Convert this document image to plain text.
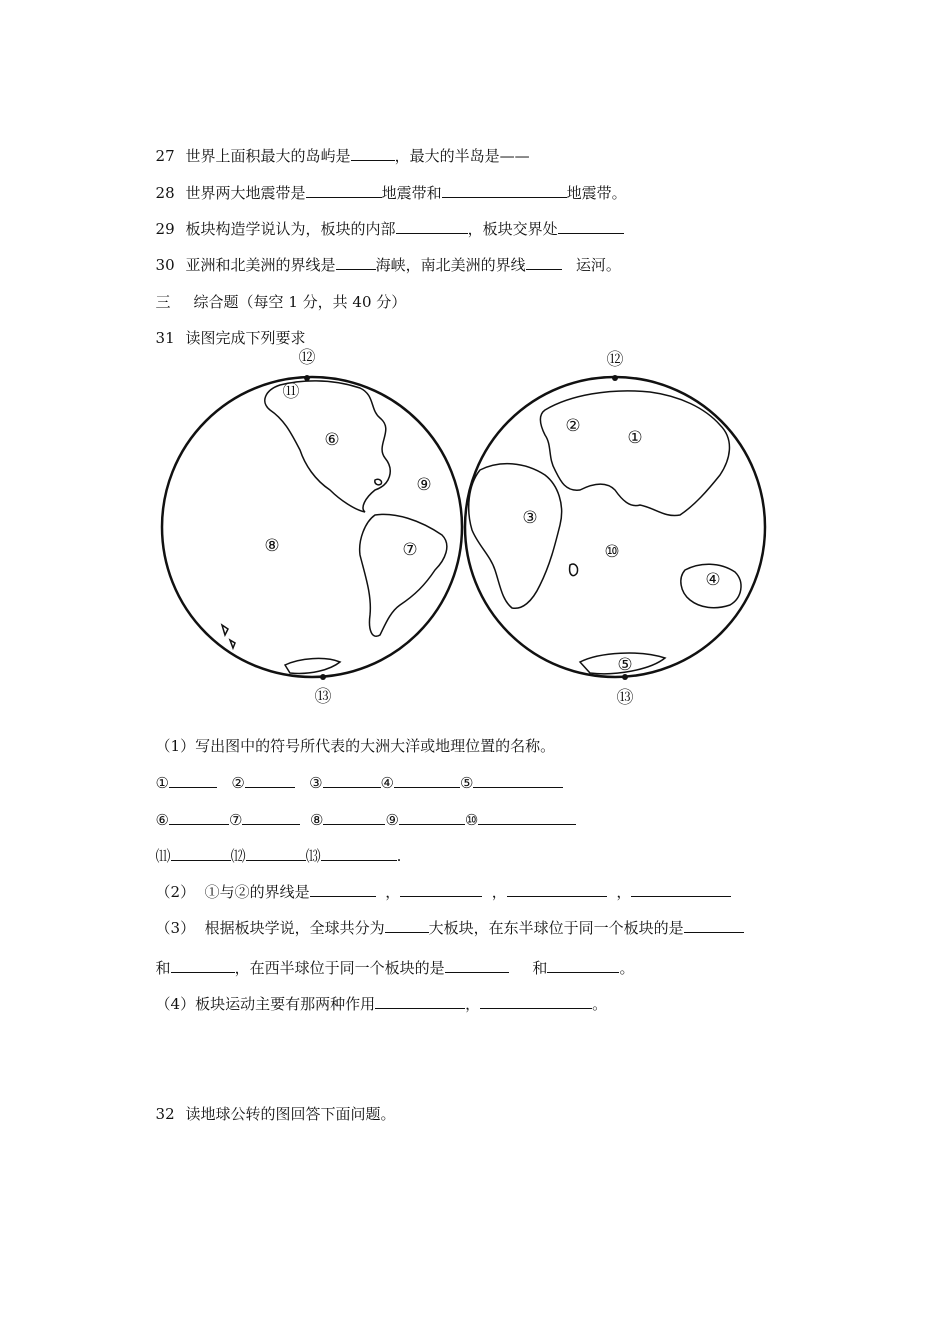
27 世界上面积最大的岛屿是	，最大的半岛是——

28 世界两大地震带是	地震带和	地震带。

29 板块构造学说认为，板块的内部	，板块交界处

30 亚洲和北美洲的界线是	海峡，南北美洲的界线	运河。

三 综合题（每空 1 分，共 40 分）

31 读图完成下列要求

①
②
③
④
⑤
⑥
⑦
⑧
⑨
⑩
⑪
⑫	⑫
⑬	⑬

（1）写出图中的符号所代表的大洲大洋或地理位置的名称。

①	②	③	④	⑤

⑥	⑦	⑧	⑨	⑩

⑾	⑿	⒀	.

（2）  ①与②的界线是	，	，	，

（3）  根据板块学说，全球共分为	大板块，在东半球位于同一个板块的是

和	，在西半球位于同一个板块的是	和	。

（4）板块运动主要有那两种作用	，	。

32 读地球公转的图回答下面问题。
